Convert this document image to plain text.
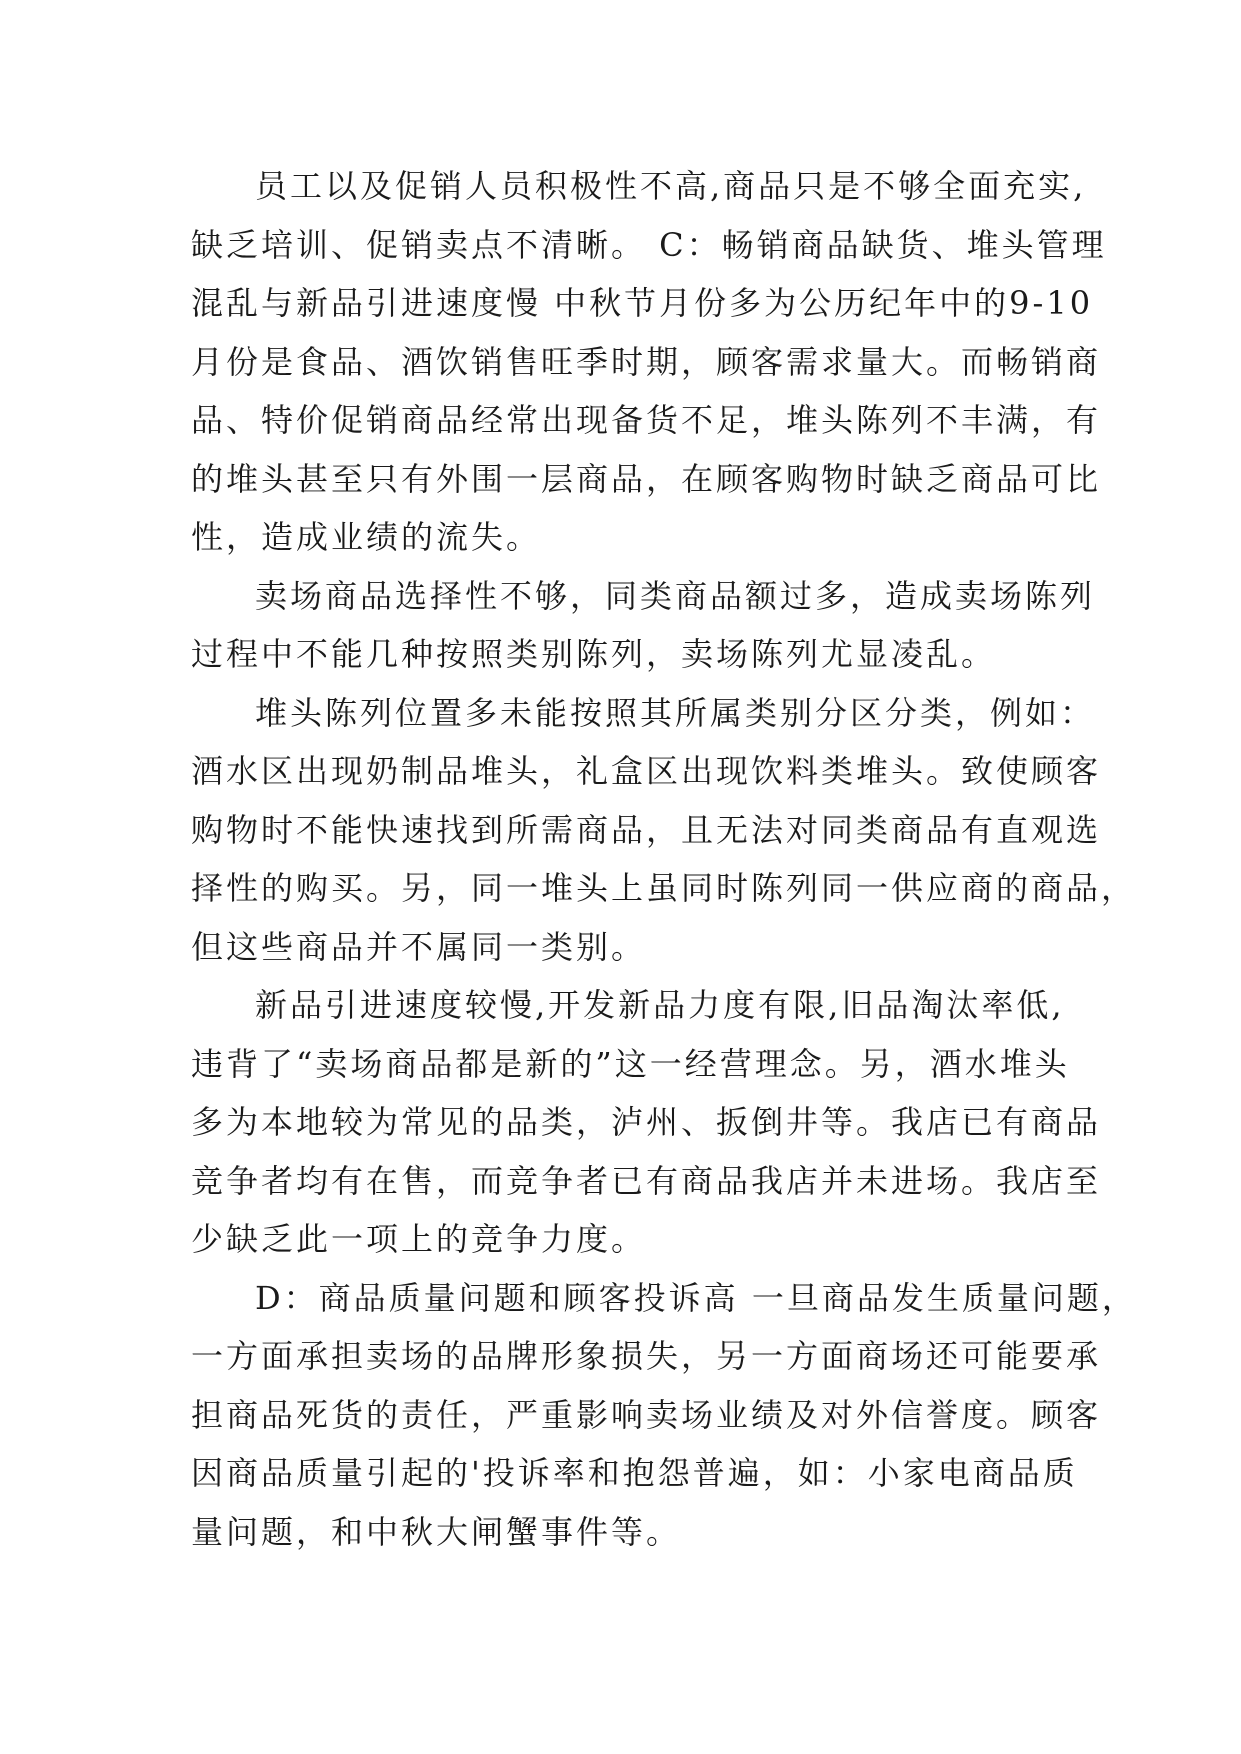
员工以及促销人员积极性不高,商品只是不够全面充实,
缺乏培训、促销卖点不清晰。 C：畅销商品缺货、堆头管理
混乱与新品引进速度慢 中秋节月份多为公历纪年中的9-10
月份是食品、酒饮销售旺季时期，顾客需求量大。而畅销商
品、特价促销商品经常出现备货不足，堆头陈列不丰满，有
的堆头甚至只有外围一层商品，在顾客购物时缺乏商品可比
性，造成业绩的流失。

卖场商品选择性不够，同类商品额过多，造成卖场陈列
过程中不能几种按照类别陈列，卖场陈列尤显凌乱。

堆头陈列位置多未能按照其所属类别分区分类，例如：
酒水区出现奶制品堆头，礼盒区出现饮料类堆头。致使顾客
购物时不能快速找到所需商品，且无法对同类商品有直观选
择性的购买。另，同一堆头上虽同时陈列同一供应商的商品，
但这些商品并不属同一类别。

新品引进速度较慢,开发新品力度有限,旧品淘汰率低,
违背了“卖场商品都是新的”这一经营理念。另，酒水堆头
多为本地较为常见的品类，泸州、扳倒井等。我店已有商品
竞争者均有在售，而竞争者已有商品我店并未进场。我店至
少缺乏此一项上的竞争力度。

D：商品质量问题和顾客投诉高 一旦商品发生质量问题，
一方面承担卖场的品牌形象损失，另一方面商场还可能要承
担商品死货的责任，严重影响卖场业绩及对外信誉度。顾客
因商品质量引起的'投诉率和抱怨普遍，如：小家电商品质
量问题，和中秋大闸蟹事件等。
